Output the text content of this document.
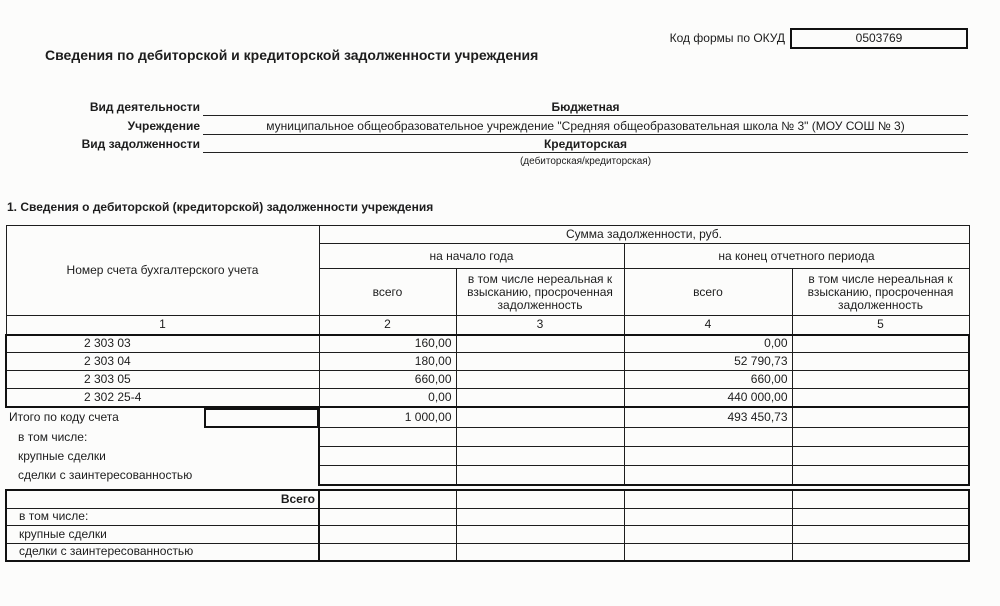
Код формы по ОКУД	0503769
Сведения по дебиторской и кредиторской задолженности учреждения
Вид деятельности	Бюджетная
Учреждение	муниципальное общеобразовательное учреждение "Средняя общеобразовательная школа № 3" (МОУ СОШ № 3)
Вид задолженности	Кредиторская
(дебиторская/кредиторская)
1. Сведения о дебиторской (кредиторской) задолженности учреждения
Номер счета бухгалтерского учета	Сумма задолженности, руб.			
	на начало года		на конец отчетного периода	
	всего	в том числе нереальная к взысканию, просроченная задолженность	всего	в том числе нереальная к взысканию, просроченная задолженность
1	2	3	4	5
2 303 03	160,00		0,00	
2 303 04	180,00		52 790,73	
2 303 05	660,00		660,00	
2 302 25-4	0,00		440 000,00	
Итого по коду счета	1 000,00		493 450,73	
в том числе:				
крупные сделки				
сделки с заинтересованностью				
Всего				
в том числе:				
крупные сделки				
сделки с заинтересованностью				
